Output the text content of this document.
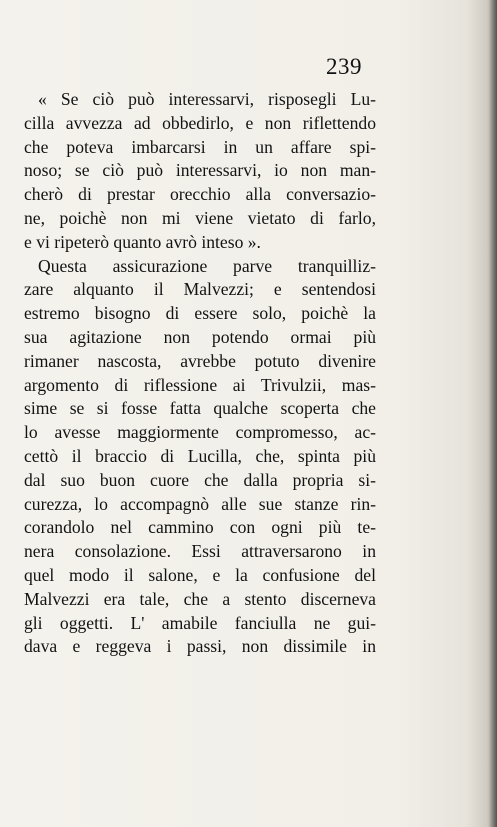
239
« Se ciò può interessarvi, risposegli Lu-
cilla avvezza ad obbedirlo, e non riflettendo
che poteva imbarcarsi in un affare spi-
noso; se ciò può interessarvi, io non man-
cherò di prestar orecchio alla conversazio-
ne, poichè non mi viene vietato di farlo,
e vi ripeterò quanto avrò inteso ».
Questa assicurazione parve tranquilliz-
zare alquanto il Malvezzi; e sentendosi
estremo bisogno di essere solo, poichè la
sua agitazione non potendo ormai più
rimaner nascosta, avrebbe potuto divenire
argomento di riflessione ai Trivulzii, mas-
sime se si fosse fatta qualche scoperta che
lo avesse maggiormente compromesso, ac-
cettò il braccio di Lucilla, che, spinta più
dal suo buon cuore che dalla propria si-
curezza, lo accompagnò alle sue stanze rin-
corandolo nel cammino con ogni più te-
nera consolazione. Essi attraversarono in
quel modo il salone, e la confusione del
Malvezzi era tale, che a stento discerneva
gli oggetti. L' amabile fanciulla ne gui-
dava e reggeva i passi, non dissimile in
